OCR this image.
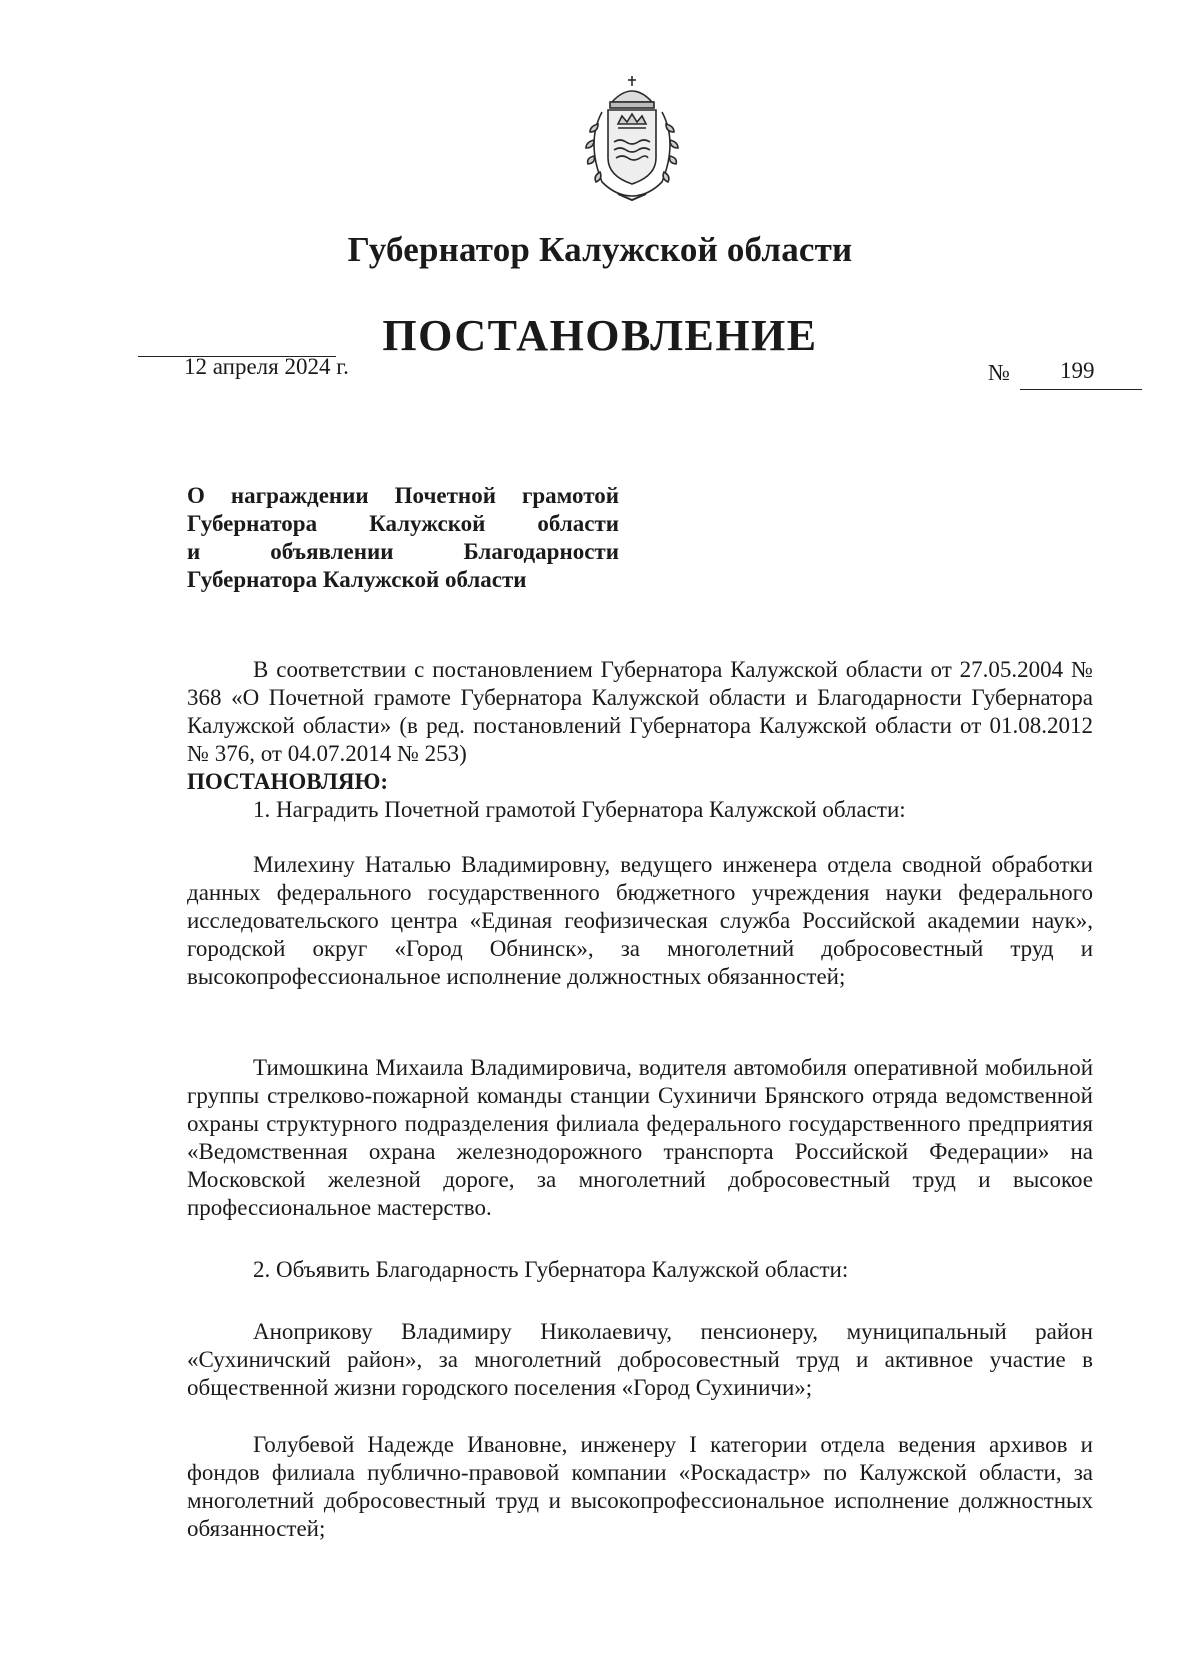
Губернатор Калужской области
ПОСТАНОВЛЕНИЕ
12 апреля 2024 г.	№ 199
О награждении Почетной грамотой
Губернатора Калужской области
и объявлении Благодарности
Губернатора Калужской области

В соответствии с постановлением Губернатора Калужской области от 27.05.2004 № 368 «О Почетной грамоте Губернатора Калужской области и Благодарности Губернатора Калужской области» (в ред. постановлений Губернатора Калужской области от 01.08.2012 № 376, от 04.07.2014 № 253)

ПОСТАНОВЛЯЮ:

1. Наградить Почетной грамотой Губернатора Калужской области:

Милехину Наталью Владимировну, ведущего инженера отдела сводной обработки данных федерального государственного бюджетного учреждения науки федерального исследовательского центра «Единая геофизическая служба Российской академии наук», городской округ «Город Обнинск», за многолетний добросовестный труд и высокопрофессиональное исполнение должностных обязанностей;

Тимошкина Михаила Владимировича, водителя автомобиля оперативной мобильной группы стрелково-пожарной команды станции Сухиничи Брянского отряда ведомственной охраны структурного подразделения филиала федерального государственного предприятия «Ведомственная охрана железнодорожного транспорта Российской Федерации» на Московской железной дороге, за многолетний добросовестный труд и высокое профессиональное мастерство.

2. Объявить Благодарность Губернатора Калужской области:

Аноприкову Владимиру Николаевичу, пенсионеру, муниципальный район «Сухиничский район», за многолетний добросовестный труд и активное участие в общественной жизни городского поселения «Город Сухиничи»;

Голубевой Надежде Ивановне, инженеру I категории отдела ведения архивов и фондов филиала публично-правовой компании «Роскадастр» по Калужской области, за многолетний добросовестный труд и высокопрофессиональное исполнение должностных обязанностей;
